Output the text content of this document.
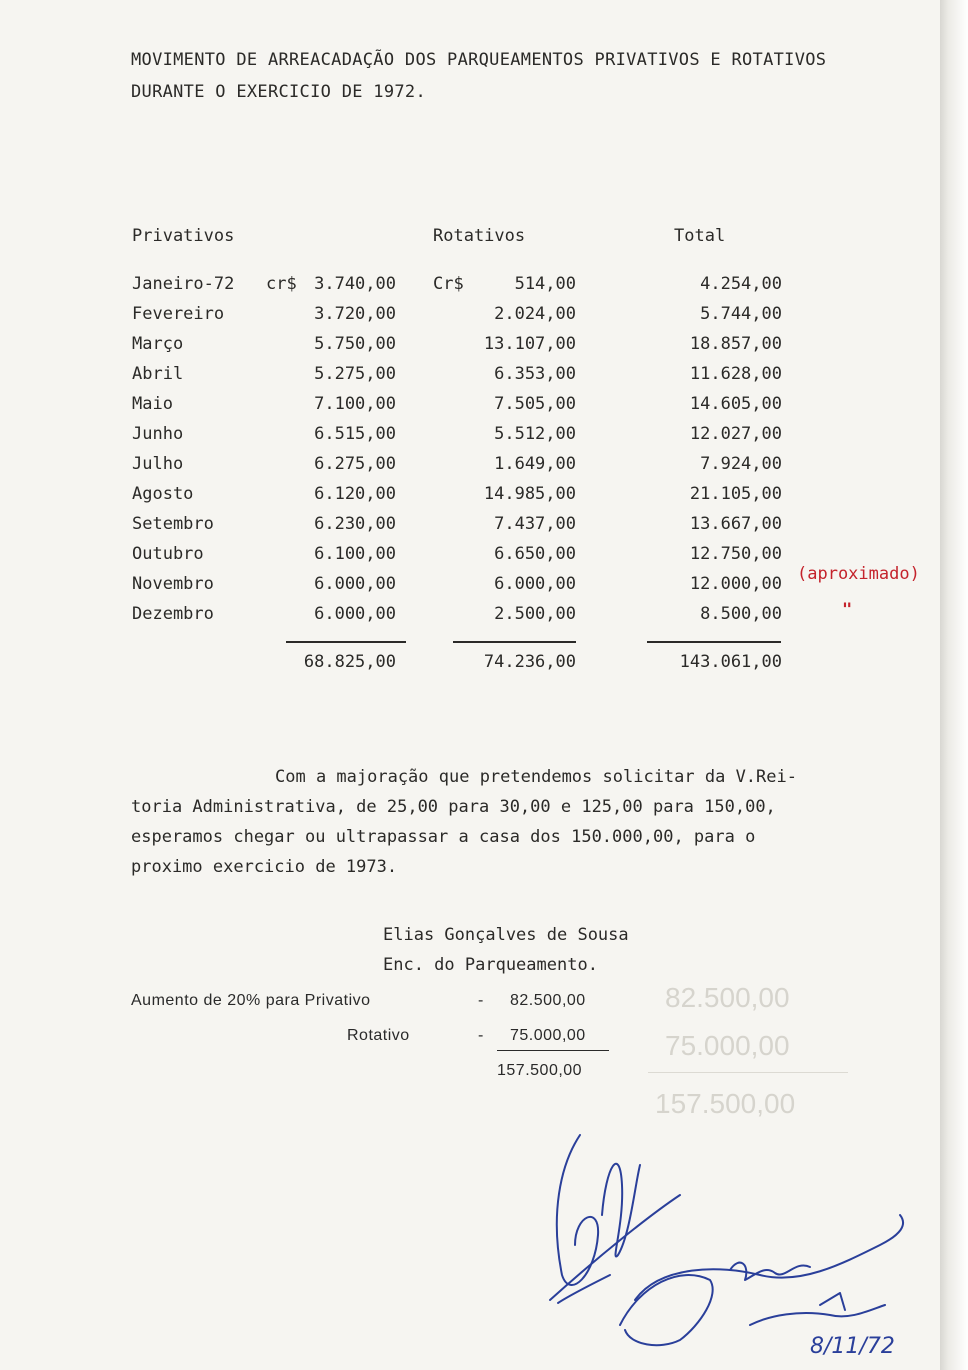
MOVIMENTO DE ARREACADAÇÃO DOS PARQUEAMENTOS PRIVATIVOS E ROTATIVOS
DURANTE O EXERCICIO DE 1972.
Privativos	Rotativos	Total
Janeiro-72 cr$ 3.740,00 Cr$	514,00	4.254,00
Fevereiro	3.720,00	2.024,00	5.744,00
Março	5.750,00	13.107,00	18.857,00
Abril	5.275,00	6.353,00	11.628,00
Maio	7.100,00	7.505,00	14.605,00
Junho	6.515,00	5.512,00	12.027,00
Julho	6.275,00	1.649,00	7.924,00
Agosto	6.120,00	14.985,00	21.105,00
Setembro	6.230,00	7.437,00	13.667,00
Outubro	6.100,00	6.650,00	12.750,00
Novembro	6.000,00	6.000,00	12.000,00
Dezembro	6.000,00	2.500,00	8.500,00
68.825,00	74.236,00	143.061,00
(aproximado)
"
Com a majoração que pretendemos solicitar da V.Rei-
toria Administrativa, de 25,00 para 30,00 e 125,00 para 150,00,
esperamos chegar ou ultrapassar a casa dos 150.000,00, para o
proximo exercicio de 1973.
Elias Gonçalves de Sousa
Enc. do Parqueamento.
82.500,00
75.000,00
157.500,00
Aumento de 20% para Privativo	- 82.500,00
Rotativo	- 75.000,00
157.500,00
8/11/72
